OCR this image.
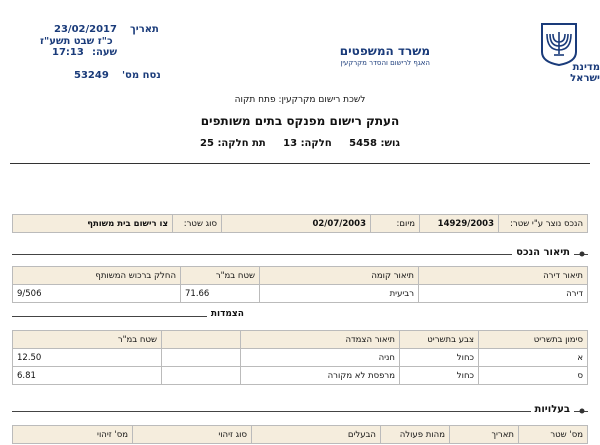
משרד המשפטים
האגף לרישום והסדר מקרקעין	מדינת ישראל
תאריך
23/02/2017
כ"ז שבט תשע"ז
שעה:
17:13
נסח מס'
53249
לשכת רישום מקרקעין: פתח תקוה
העתק רישום מפנקס בתים משותפים
גוש: 5458     חלקה: 13     תת חלקה: 25
הנכס נוצר ע"י שטר:	14929/2003	מיום:	02/07/2003	סוג שטר:	צו רישום בית משותף
תיאור הנכס
תיאור דירה	תיאור קומה	שטח במ"ר	החלק ברכוש המשותף
דירה	רביעית	71.66	9/506
הצמדות
סימון בתשריט	צבע בתשריט	תיאור הצמדה		שטח במ"ר
א	כחול	חניה		12.50
ס	כחול	מרפסת לא מקורה		6.81
בעלויות
מס' שטר	תאריך	מהות פעולה	הבעלים	סוג זיהוי	מס' זיהוי
